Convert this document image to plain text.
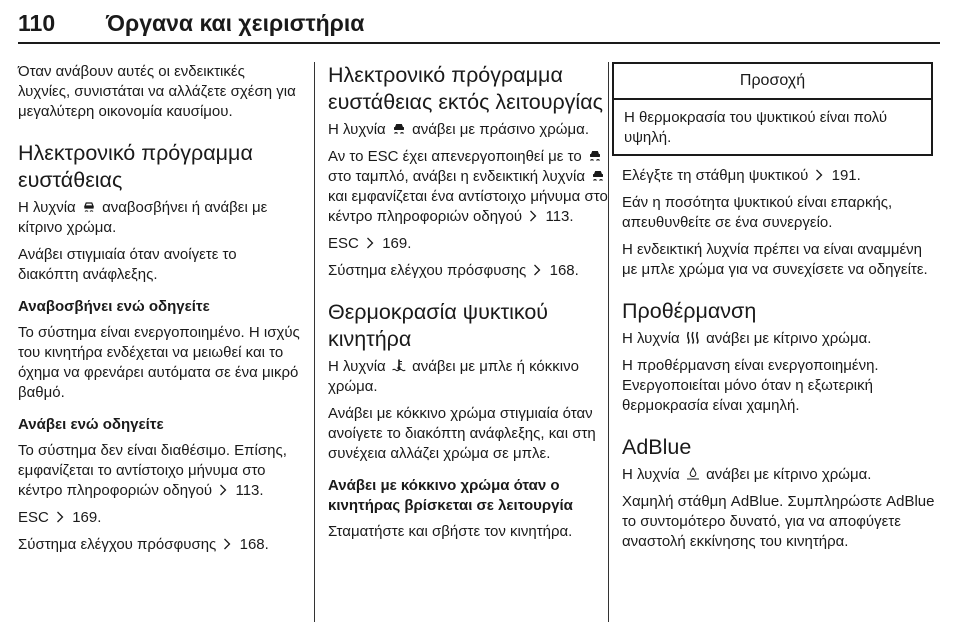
110 Όργανα και χειριστήρια

Όταν ανάβουν αυτές οι ενδεικτικές λυχνίες, συνιστάται να αλλάζετε σχέση για μεγαλύτερη οικονομία καυσίμου.

Ηλεκτρονικό πρόγραμμα ευστάθειας

Η λυχνία αναβοσβήνει ή ανάβει με κίτρινο χρώμα.

Ανάβει στιγμιαία όταν ανοίγετε το διακόπτη ανάφλεξης.

Αναβοσβήνει ενώ οδηγείτε

Το σύστημα είναι ενεργοποιημένο. Η ισχύς του κινητήρα ενδέχεται να μειωθεί και το όχημα να φρενάρει αυτόματα σε ένα μικρό βαθμό.

Ανάβει ενώ οδηγείτε

Το σύστημα δεν είναι διαθέσιμο. Επίσης, εμφανίζεται το αντίστοιχο μήνυμα στο κέντρο πληροφοριών οδηγού 113.

ESC 169.

Σύστημα ελέγχου πρόσφυσης 168.

Ηλεκτρονικό πρόγραμμα ευστάθειας εκτός λειτουργίας

Η λυχνία ανάβει με πράσινο χρώμα.

Αν το ESC έχει απενεργοποιηθεί με το  στο ταμπλό, ανάβει η ενδεικτική λυχνία  και εμφανίζεται ένα αντίστοιχο μήνυμα στο κέντρο πληροφοριών οδηγού 113.

ESC 169.

Σύστημα ελέγχου πρόσφυσης 168.

Θερμοκρασία ψυκτικού κινητήρα

Η λυχνία ανάβει με μπλε ή κόκκινο χρώμα.

Ανάβει με κόκκινο χρώμα στιγμιαία όταν ανοίγετε το διακόπτη ανάφλεξης, και στη συνέχεια αλλάζει χρώμα σε μπλε.

Ανάβει με κόκκινο χρώμα όταν ο κινητήρας βρίσκεται σε λειτουργία

Σταματήστε και σβήστε τον κινητήρα.

Προσοχή
Η θερμοκρασία του ψυκτικού είναι πολύ υψηλή.

Ελέγξτε τη στάθμη ψυκτικού 191.

Εάν η ποσότητα ψυκτικού είναι επαρκής, απευθυνθείτε σε ένα συνεργείο.

Η ενδεικτική λυχνία πρέπει να είναι αναμμένη με μπλε χρώμα για να συνεχίσετε να οδηγείτε.

Προθέρμανση

Η λυχνία ανάβει με κίτρινο χρώμα.

Η προθέρμανση είναι ενεργοποιημένη. Ενεργοποιείται μόνο όταν η εξωτερική θερμοκρασία είναι χαμηλή.

AdBlue

Η λυχνία ανάβει με κίτρινο χρώμα.

Χαμηλή στάθμη AdBlue. Συμπληρώστε AdBlue το συντομότερο δυνατό, για να αποφύγετε αναστολή εκκίνησης του κινητήρα.
